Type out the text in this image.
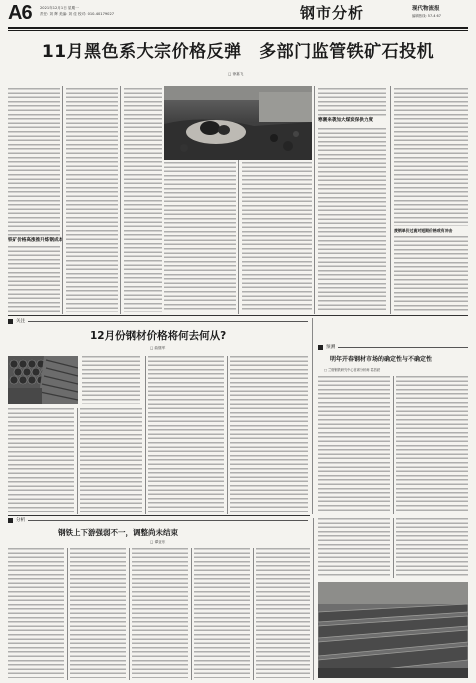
A6 2021年12月1日 星期一
责任: 刘 辉 美编: 刘 佳 校对: 010-40179027	钢市分析	现代物流报
编辑热线: 57-4 67
11月黑色系大宗价格反弹　多部门监管铁矿石投机
□ 徐嘉飞
铁矿价格高涨推升炼钢成本
寒潮来袭加大煤炭保供力度
废钢单价过高对短期价格或有冲击
关注
12月份钢材价格将何去何从?
□ 曲继军	预测
明年开春钢材市场的确定性与不确定性
□ 兰格钢铁研究中心首席分析师 葛昌跃
分析
钢铁上下游强弱不一，调整尚未结束
□ 谭亚东
